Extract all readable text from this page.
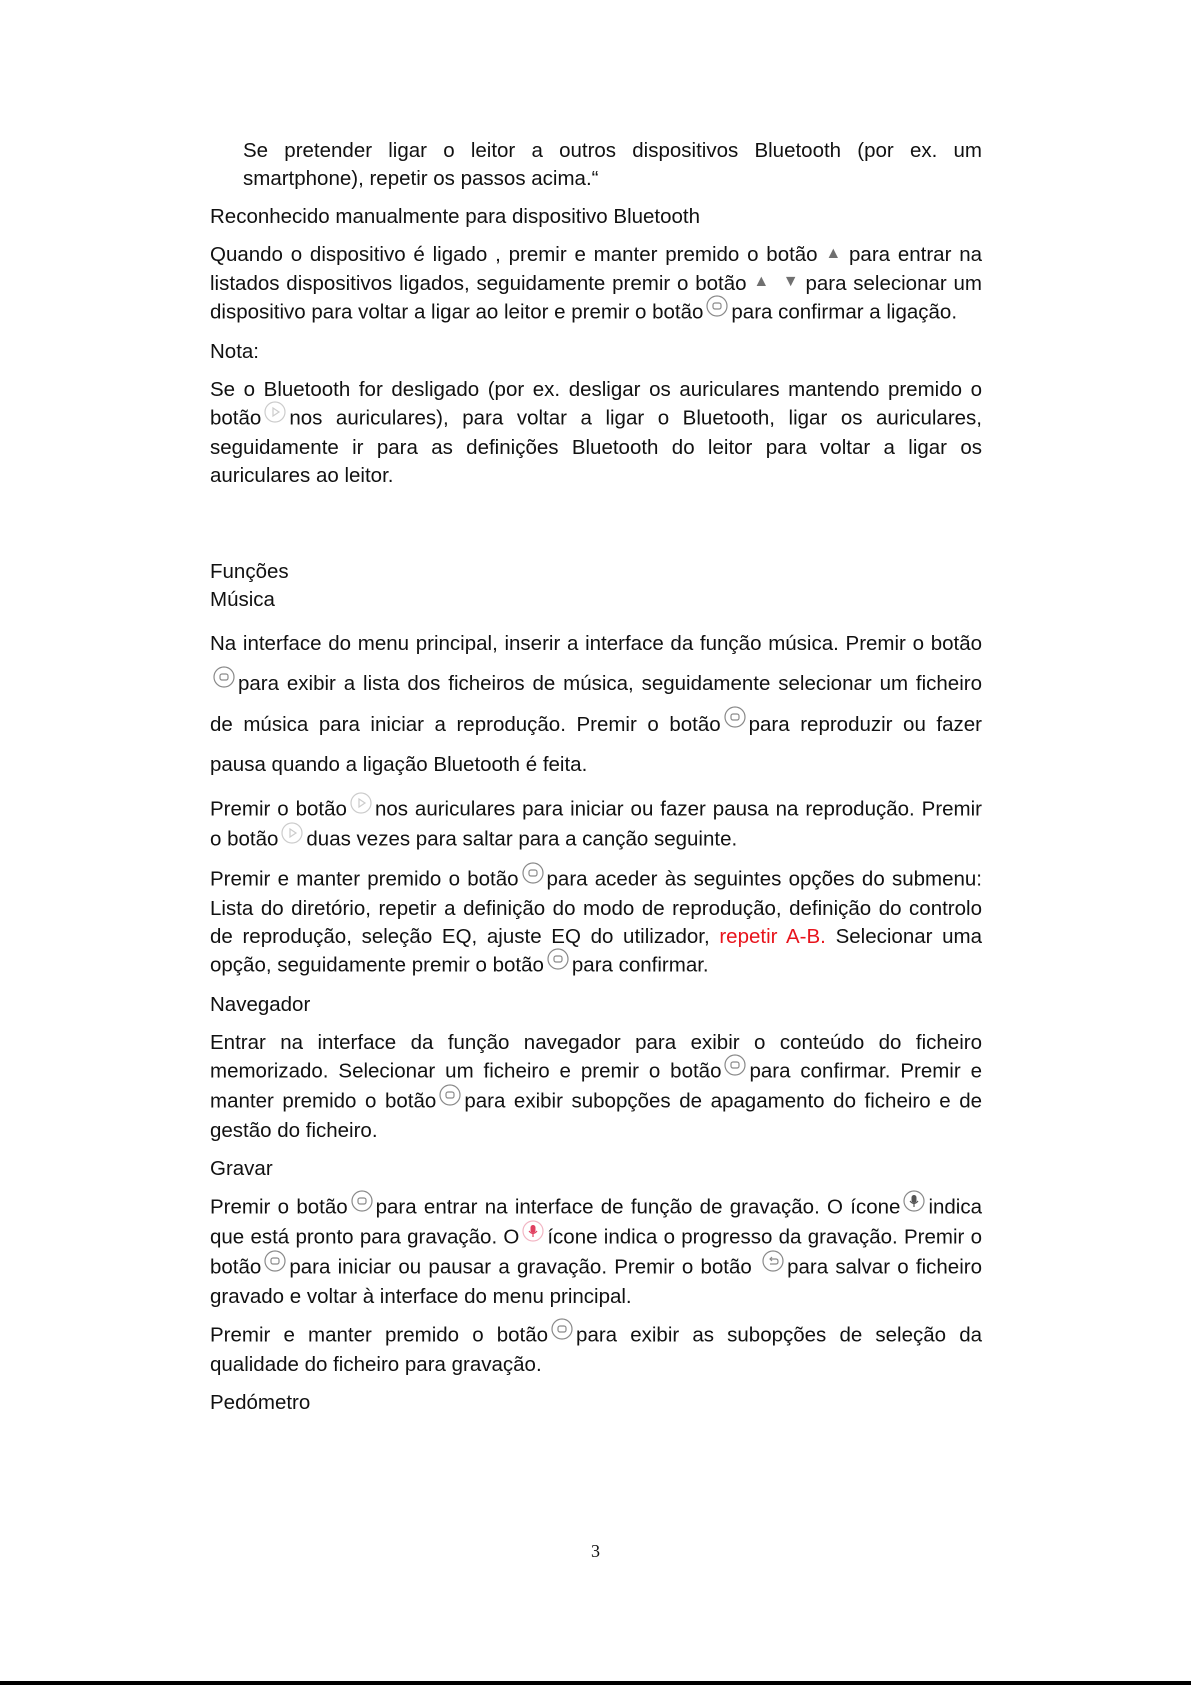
Se pretender ligar o leitor a outros dispositivos Bluetooth (por ex. um smartphone), repetir os passos acima.“

Reconhecido manualmente para dispositivo Bluetooth

Quando o dispositivo é ligado , premir e manter premido o botão ▲ para entrar na listados dispositivos ligados, seguidamente premir o botão ▲ ▼ para selecionar um dispositivo para voltar a ligar ao leitor e premir o botão para confirmar a ligação.

Nota:

Se o Bluetooth for desligado (por ex. desligar os auriculares mantendo premido o botão nos auriculares), para voltar a ligar o Bluetooth, ligar os auriculares, seguidamente ir para as definições Bluetooth do leitor para voltar a ligar os auriculares ao leitor.

Funções

Música

Na interface do menu principal, inserir a interface da função música. Premir o botãopara exibir a lista dos ficheiros de música, seguidamente selecionar um ficheiro de música para iniciar a reprodução. Premir o botão para reproduzir ou fazer pausa quando a ligação Bluetooth é feita.

Premir o botão nos auriculares para iniciar ou fazer pausa na reprodução. Premir o botão duas vezes para saltar para a canção seguinte.

Premir e manter premido o botão para aceder às seguintes opções do submenu: Lista do diretório, repetir a definição do modo de reprodução, definição do controlo de reprodução, seleção EQ, ajuste EQ do utilizador, repetir A-B. Selecionar uma opção, seguidamente premir o botão para confirmar.

Navegador

Entrar na interface da função navegador para exibir o conteúdo do ficheiro memorizado. Selecionar um ficheiro e premir o botão para confirmar. Premir e manter premido o botão para exibir subopções de apagamento do ficheiro e de gestão do ficheiro.

Gravar

Premir o botão para entrar na interface de função de gravação. O ícone indica que está pronto para gravação. O ícone indica o progresso da gravação. Premir o botão para iniciar ou pausar a gravação. Premir o botão para salvar o ficheiro gravado e voltar à interface do menu principal.

Premir e manter premido o botão para exibir as subopções de seleção da qualidade do ficheiro para gravação.

Pedómetro

3
